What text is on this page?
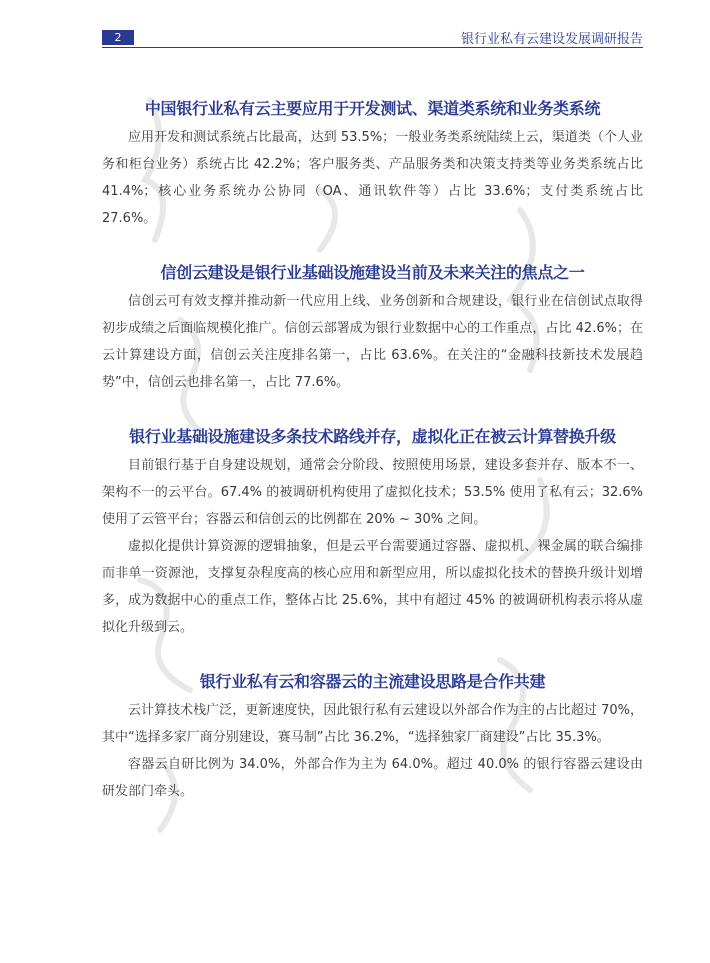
2	银行业私有云建设发展调研报告
中国银行业私有云主要应用于开发测试、渠道类系统和业务类系统

应用开发和测试系统占比最高，达到 53.5%；一般业务类系统陆续上云，渠道类（个人业务和柜台业务）系统占比 42.2%；客户服务类、产品服务类和决策支持类等业务类系统占比 41.4%；核心业务系统办公协同（OA、通讯软件等）占比 33.6%；支付类系统占比 27.6%。

信创云建设是银行业基础设施建设当前及未来关注的焦点之一

信创云可有效支撑并推动新一代应用上线、业务创新和合规建设，银行业在信创试点取得初步成绩之后面临规模化推广。信创云部署成为银行业数据中心的工作重点，占比 42.6%；在云计算建设方面，信创云关注度排名第一，占比 63.6%。在关注的“金融科技新技术发展趋势”中，信创云也排名第一，占比 77.6%。

银行业基础设施建设多条技术路线并存，虚拟化正在被云计算替换升级

目前银行基于自身建设规划，通常会分阶段、按照使用场景，建设多套并存、版本不一、架构不一的云平台。67.4% 的被调研机构使用了虚拟化技术；53.5% 使用了私有云；32.6% 使用了云管平台；容器云和信创云的比例都在 20% ~ 30% 之间。

虚拟化提供计算资源的逻辑抽象，但是云平台需要通过容器、虚拟机、裸金属的联合编排而非单一资源池，支撑复杂程度高的核心应用和新型应用，所以虚拟化技术的替换升级计划增多，成为数据中心的重点工作，整体占比 25.6%，其中有超过 45% 的被调研机构表示将从虚拟化升级到云。

银行业私有云和容器云的主流建设思路是合作共建

云计算技术栈广泛，更新速度快，因此银行私有云建设以外部合作为主的占比超过 70%，其中“选择多家厂商分别建设，赛马制”占比 36.2%，“选择独家厂商建设”占比 35.3%。

容器云自研比例为 34.0%，外部合作为主为 64.0%。超过 40.0% 的银行容器云建设由研发部门牵头。
